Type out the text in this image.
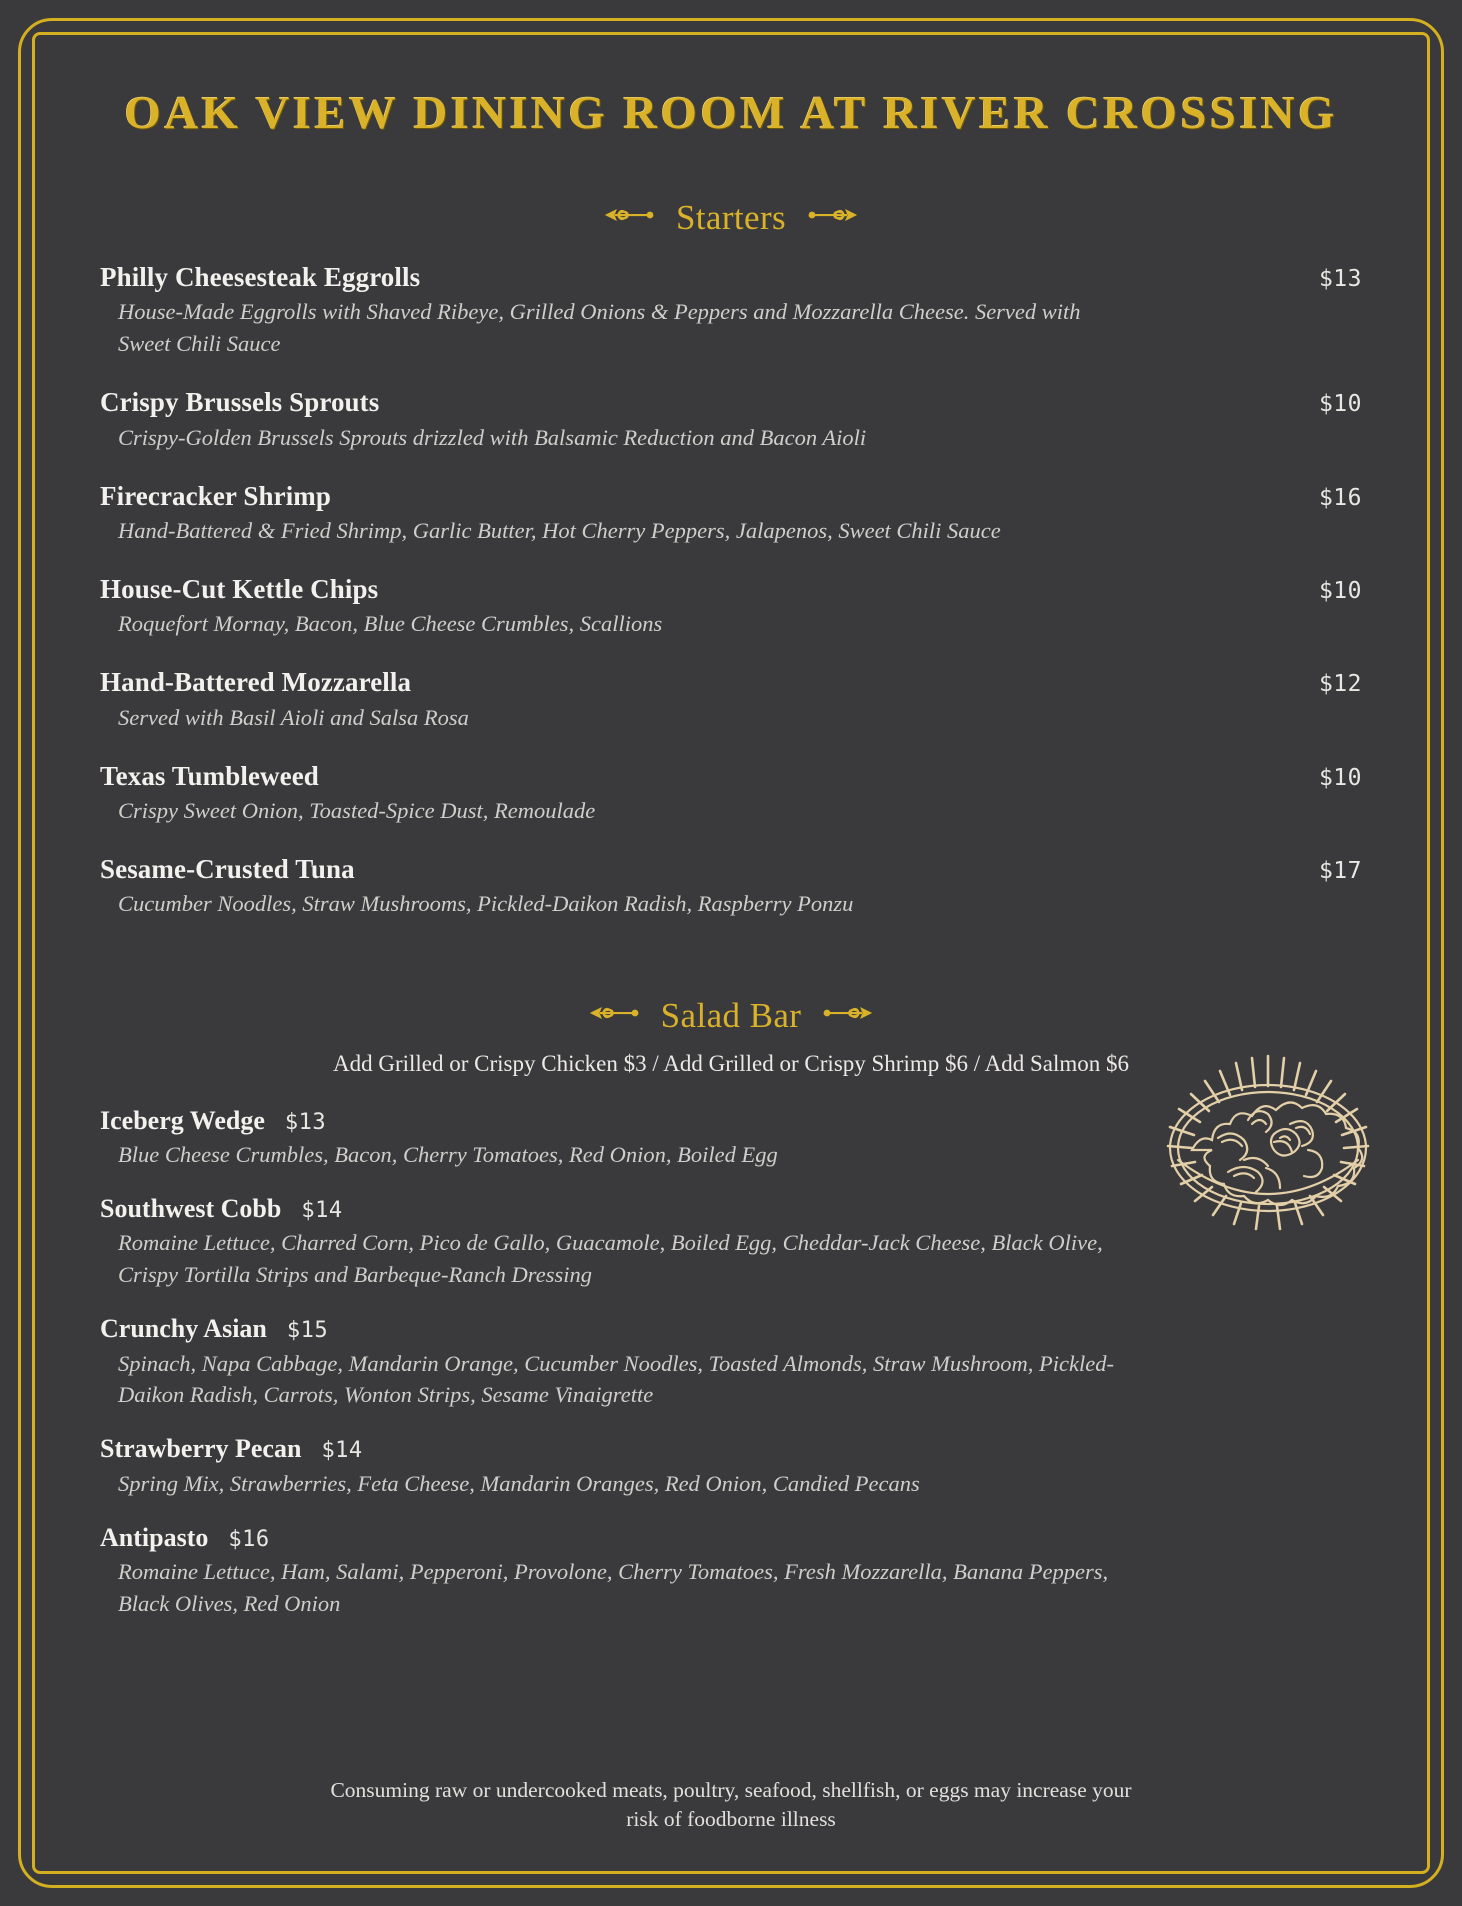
OAK VIEW DINING ROOM AT RIVER CROSSING
Starters
Philly Cheesesteak Eggrolls	$13
House-Made Eggrolls with Shaved Ribeye, Grilled Onions & Peppers and Mozzarella Cheese. Served with Sweet Chili Sauce
Crispy Brussels Sprouts	$10
Crispy-Golden Brussels Sprouts drizzled with Balsamic Reduction and Bacon Aioli
Firecracker Shrimp	$16
Hand-Battered & Fried Shrimp, Garlic Butter, Hot Cherry Peppers, Jalapenos, Sweet Chili Sauce
House-Cut Kettle Chips	$10
Roquefort Mornay, Bacon, Blue Cheese Crumbles, Scallions
Hand-Battered Mozzarella	$12
Served with Basil Aioli and Salsa Rosa
Texas Tumbleweed	$10
Crispy Sweet Onion, Toasted-Spice Dust, Remoulade
Sesame-Crusted Tuna	$17
Cucumber Noodles, Straw Mushrooms, Pickled-Daikon Radish, Raspberry Ponzu
Salad Bar
Add Grilled or Crispy Chicken $3 / Add Grilled or Crispy Shrimp $6 / Add Salmon $6
Iceberg Wedge $13
Blue Cheese Crumbles, Bacon, Cherry Tomatoes, Red Onion, Boiled Egg
Southwest Cobb $14
Romaine Lettuce, Charred Corn, Pico de Gallo, Guacamole, Boiled Egg, Cheddar-Jack Cheese, Black Olive, Crispy Tortilla Strips and Barbeque-Ranch Dressing
Crunchy Asian $15
Spinach, Napa Cabbage, Mandarin Orange, Cucumber Noodles, Toasted Almonds, Straw Mushroom, Pickled-Daikon Radish, Carrots, Wonton Strips, Sesame Vinaigrette
Strawberry Pecan $14
Spring Mix, Strawberries, Feta Cheese, Mandarin Oranges, Red Onion, Candied Pecans
Antipasto $16
Romaine Lettuce, Ham, Salami, Pepperoni, Provolone, Cherry Tomatoes, Fresh Mozzarella, Banana Peppers, Black Olives, Red Onion
Consuming raw or undercooked meats, poultry, seafood, shellfish, or eggs may increase your risk of foodborne illness
